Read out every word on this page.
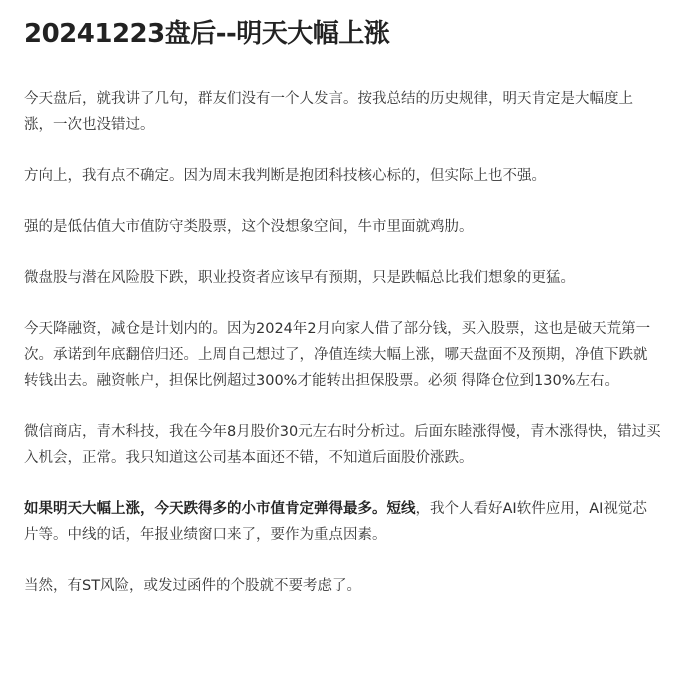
20241223盘后--明天大幅上涨

今天盘后，就我讲了几句，群友们没有一个人发言。按我总结的历史规律，明天肯定是大幅度上涨，一次也没错过。

方向上，我有点不确定。因为周末我判断是抱团科技核心标的，但实际上也不强。

强的是低估值大市值防守类股票，这个没想象空间，牛市里面就鸡肋。

微盘股与潜在风险股下跌，职业投资者应该早有预期，只是跌幅总比我们想象的更猛。

今天降融资，减仓是计划内的。因为2024年2月向家人借了部分钱，买入股票，这也是破天荒第一次。承诺到年底翻倍归还。上周自己想过了，净值连续大幅上涨，哪天盘面不及预期，净值下跌就转钱出去。融资帐户，担保比例超过300%才能转出担保股票。必须 得降仓位到130%左右。

微信商店，青木科技，我在今年8月股价30元左右时分析过。后面东睦涨得慢，青木涨得快，错过买入机会，正常。我只知道这公司基本面还不错，不知道后面股价涨跌。

如果明天大幅上涨，今天跌得多的小市值肯定弹得最多。短线，我个人看好AI软件应用，AI视觉芯片等。中线的话，年报业绩窗口来了，要作为重点因素。

当然，有ST风险，或发过函件的个股就不要考虑了。
